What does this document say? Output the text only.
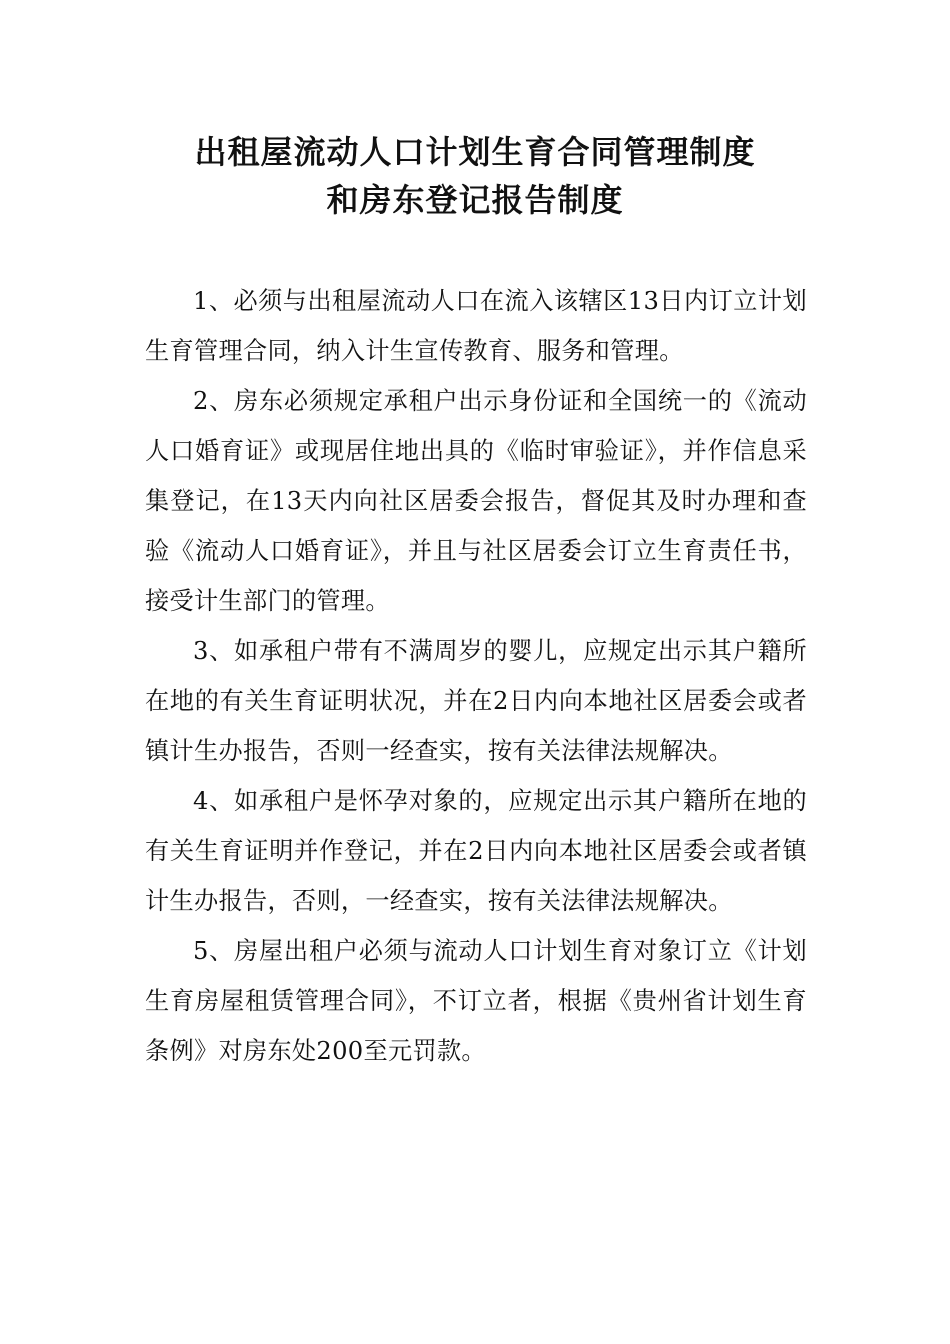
出租屋流动人口计划生育合同管理制度
和房东登记报告制度

1、必须与出租屋流动人口在流入该辖区13日内订立计划生育管理合同，纳入计生宣传教育、服务和管理。

2、房东必须规定承租户出示身份证和全国统一的《流动人口婚育证》或现居住地出具的《临时审验证》，并作信息采集登记，在13天内向社区居委会报告，督促其及时办理和查验《流动人口婚育证》，并且与社区居委会订立生育责任书，接受计生部门的管理。

3、如承租户带有不满周岁的婴儿，应规定出示其户籍所在地的有关生育证明状况，并在2日内向本地社区居委会或者镇计生办报告，否则一经查实，按有关法律法规解决。

4、如承租户是怀孕对象的，应规定出示其户籍所在地的有关生育证明并作登记，并在2日内向本地社区居委会或者镇计生办报告，否则，一经查实，按有关法律法规解决。

5、房屋出租户必须与流动人口计划生育对象订立《计划生育房屋租赁管理合同》，不订立者，根据《贵州省计划生育条例》对房东处200至元罚款。
